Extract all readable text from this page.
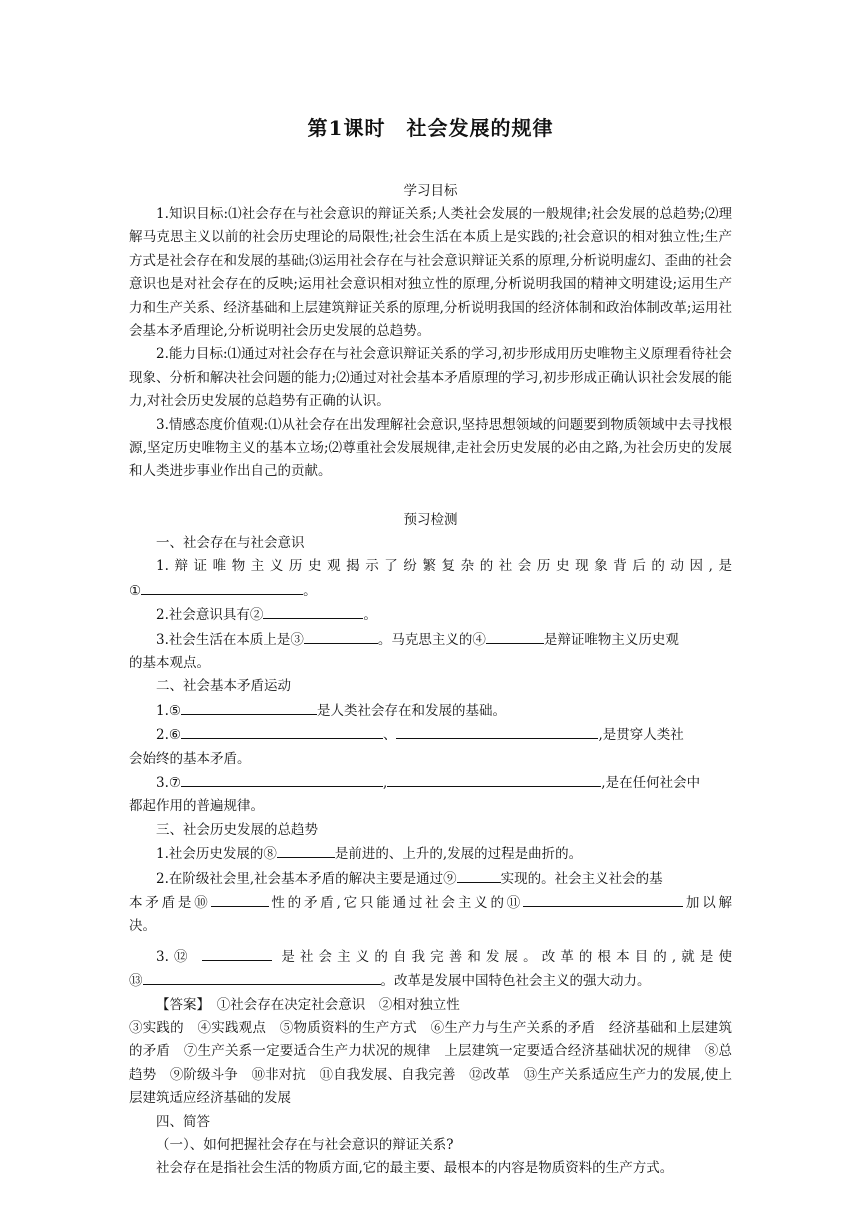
第1课时　社会发展的规律
学习目标

1.知识目标:⑴社会存在与社会意识的辩证关系;人类社会发展的一般规律;社会发展的总趋势;⑵理解马克思主义以前的社会历史理论的局限性;社会生活在本质上是实践的;社会意识的相对独立性;生产方式是社会存在和发展的基础;⑶运用社会存在与社会意识辩证关系的原理,分析说明虚幻、歪曲的社会意识也是对社会存在的反映;运用社会意识相对独立性的原理,分析说明我国的精神文明建设;运用生产力和生产关系、经济基础和上层建筑辩证关系的原理,分析说明我国的经济体制和政治体制改革;运用社会基本矛盾理论,分析说明社会历史发展的总趋势。

2.能力目标:⑴通过对社会存在与社会意识辩证关系的学习,初步形成用历史唯物主义原理看待社会现象、分析和解决社会问题的能力;⑵通过对社会基本矛盾原理的学习,初步形成正确认识社会发展的能力,对社会历史发展的总趋势有正确的认识。

3.情感态度价值观:⑴从社会存在出发理解社会意识,坚持思想领域的问题要到物质领域中去寻找根源,坚定历史唯物主义的基本立场;⑵尊重社会发展规律,走社会历史发展的必由之路,为社会历史的发展和人类进步事业作出自己的贡献。

预习检测

一、社会存在与社会意识

1.辩证唯物主义历史观揭示了纷繁复杂的社会历史现象背后的动因,是

①	。

2.社会意识具有②	。

3.社会生活在本质上是③	。马克思主义的④	是辩证唯物主义历史观

的基本观点。

二、社会基本矛盾运动

1.⑤	是人类社会存在和发展的基础。

2.⑥	、	,是贯穿人类社

会始终的基本矛盾。

3.⑦	,	,是在任何社会中

都起作用的普遍规律。

三、社会历史发展的总趋势

1.社会历史发展的⑧	是前进的、上升的,发展的过程是曲折的。

2.在阶级社会里,社会基本矛盾的解决主要是通过⑨	实现的。社会主义社会的基

本矛盾是⑩	性的矛盾,它只能通过社会主义的⑪	加以解

决。

3.⑫	是社会主义的自我完善和发展。改革的根本目的,就是使

⑬	。改革是发展中国特色社会主义的强大动力。

【答案】　 ①社会存在决定社会意识　②相对独立性

③实践的　④实践观点　⑤物质资料的生产方式　⑥生产力与生产关系的矛盾　经济基础和上层建筑的矛盾　⑦生产关系一定要适合生产力状况的规律　上层建筑一定要适合经济基础状况的规律　⑧总趋势　⑨阶级斗争　⑩非对抗　⑪自我发展、自我完善　⑫改革　⑬生产关系适应生产力的发展,使上层建筑适应经济基础的发展

四、简答

（一）、如何把握社会存在与社会意识的辩证关系?

社会存在是指社会生活的物质方面,它的最主要、最根本的内容是物质资料的生产方式。
